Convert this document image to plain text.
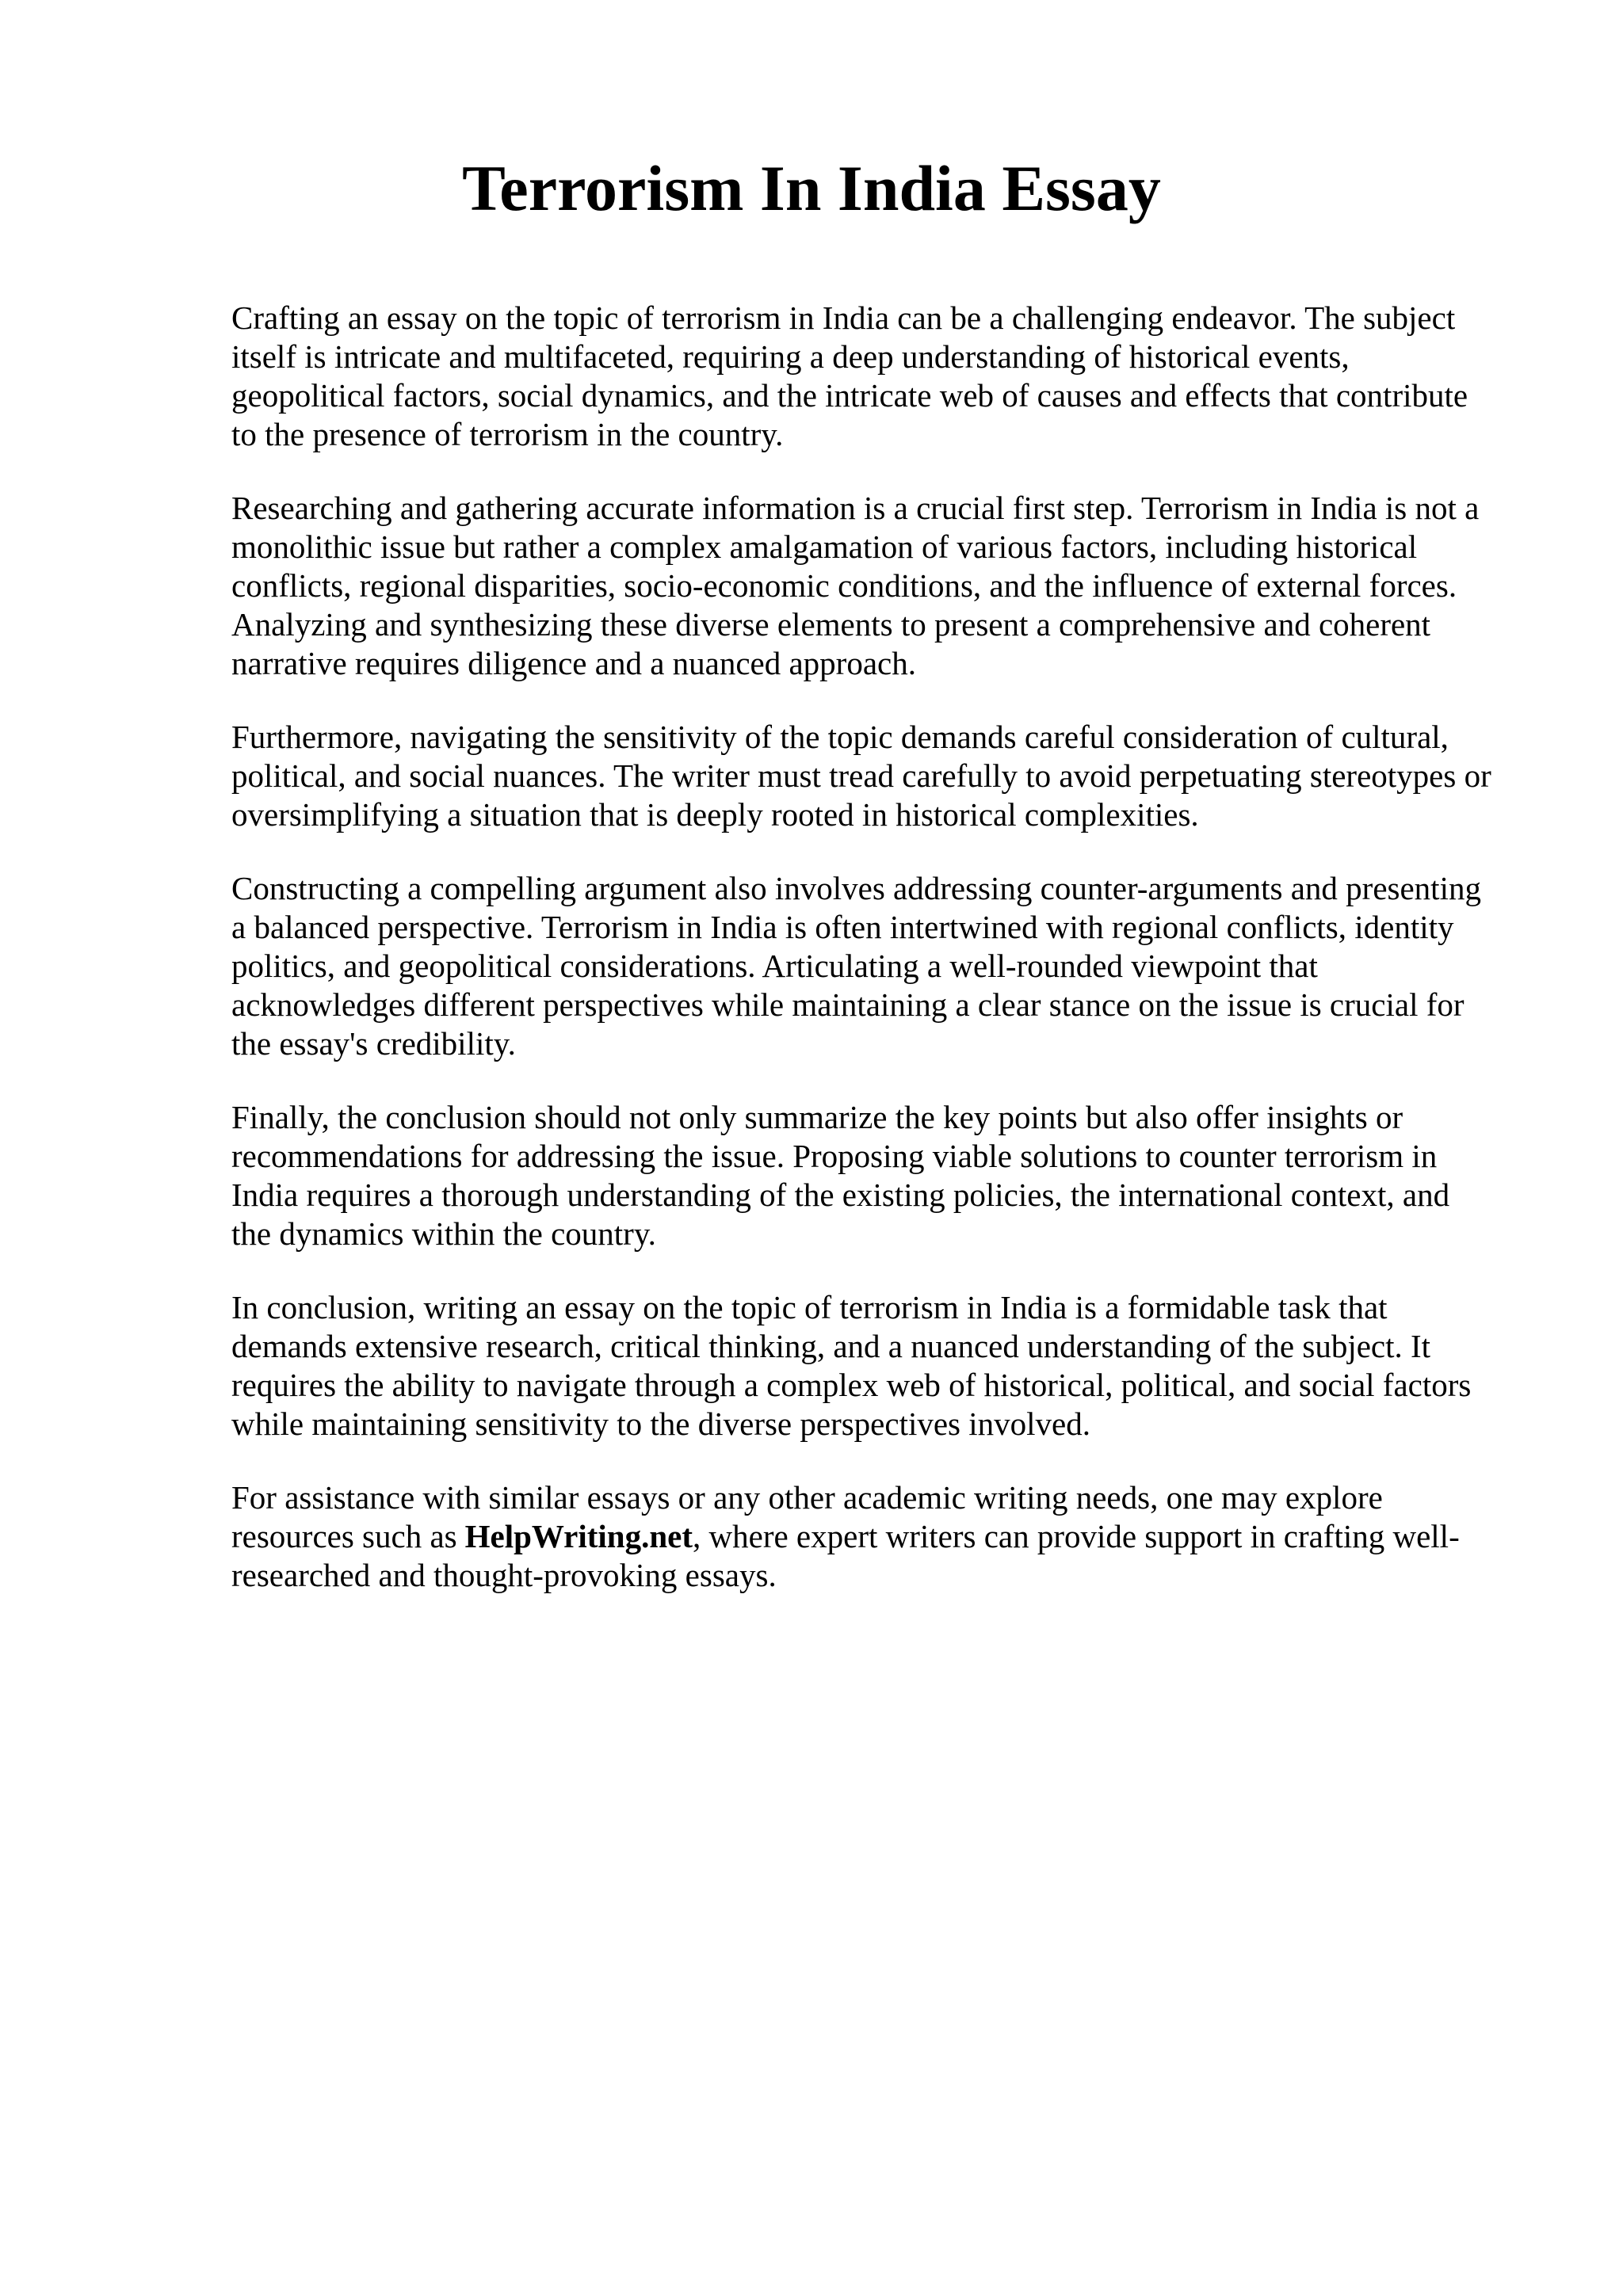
Terrorism In India Essay

Crafting an essay on the topic of terrorism in India can be a challenging endeavor. The subject
itself is intricate and multifaceted, requiring a deep understanding of historical events,
geopolitical factors, social dynamics, and the intricate web of causes and effects that contribute
to the presence of terrorism in the country.

Researching and gathering accurate information is a crucial first step. Terrorism in India is not a
monolithic issue but rather a complex amalgamation of various factors, including historical
conflicts, regional disparities, socio-economic conditions, and the influence of external forces.
Analyzing and synthesizing these diverse elements to present a comprehensive and coherent
narrative requires diligence and a nuanced approach.

Furthermore, navigating the sensitivity of the topic demands careful consideration of cultural,
political, and social nuances. The writer must tread carefully to avoid perpetuating stereotypes or
oversimplifying a situation that is deeply rooted in historical complexities.

Constructing a compelling argument also involves addressing counter-arguments and presenting
a balanced perspective. Terrorism in India is often intertwined with regional conflicts, identity
politics, and geopolitical considerations. Articulating a well-rounded viewpoint that
acknowledges different perspectives while maintaining a clear stance on the issue is crucial for
the essay's credibility.

Finally, the conclusion should not only summarize the key points but also offer insights or
recommendations for addressing the issue. Proposing viable solutions to counter terrorism in
India requires a thorough understanding of the existing policies, the international context, and
the dynamics within the country.

In conclusion, writing an essay on the topic of terrorism in India is a formidable task that
demands extensive research, critical thinking, and a nuanced understanding of the subject. It
requires the ability to navigate through a complex web of historical, political, and social factors
while maintaining sensitivity to the diverse perspectives involved.

For assistance with similar essays or any other academic writing needs, one may explore
resources such as HelpWriting.net, where expert writers can provide support in crafting well-
researched and thought-provoking essays.
